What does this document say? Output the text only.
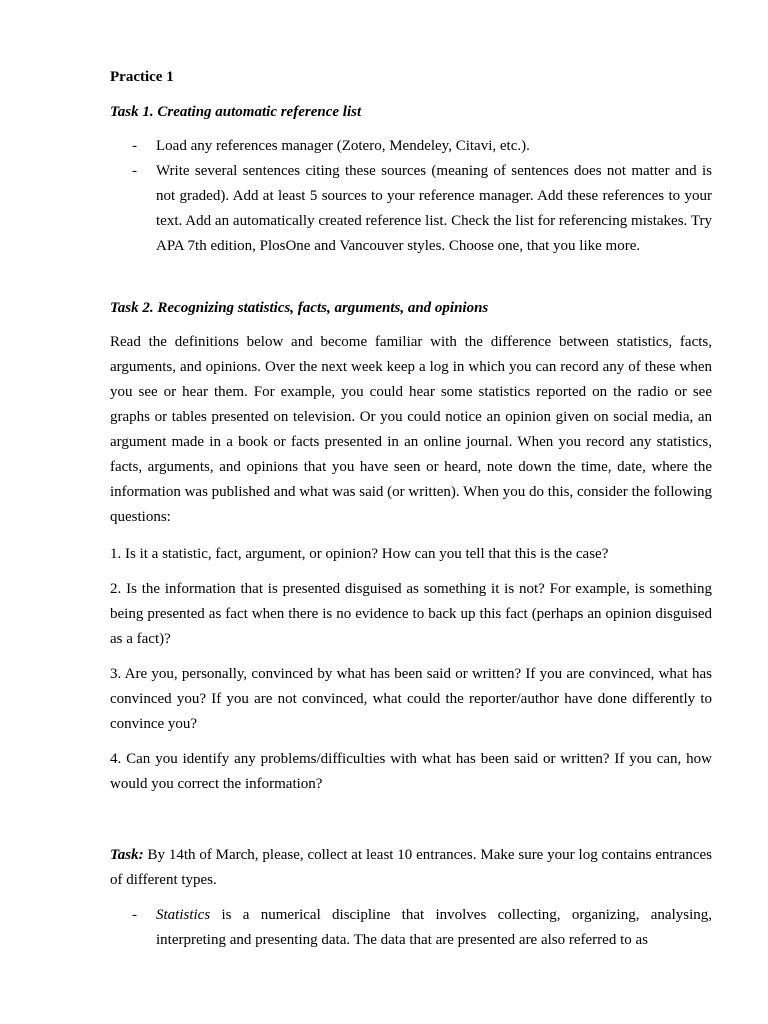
Practice 1
Task 1. Creating automatic reference list
- Load any references manager (Zotero, Mendeley, Citavi, etc.).
- Write several sentences citing these sources (meaning of sentences does not matter and is not graded). Add at least 5 sources to your reference manager. Add these references to your text. Add an automatically created reference list. Check the list for referencing mistakes. Try APA 7th edition, PlosOne and Vancouver styles. Choose one, that you like more.
Task 2. Recognizing statistics, facts, arguments, and opinions

Read the definitions below and become familiar with the difference between statistics, facts, arguments, and opinions. Over the next week keep a log in which you can record any of these when you see or hear them. For example, you could hear some statistics reported on the radio or see graphs or tables presented on television. Or you could notice an opinion given on social media, an argument made in a book or facts presented in an online journal. When you record any statistics, facts, arguments, and opinions that you have seen or heard, note down the time, date, where the information was published and what was said (or written). When you do this, consider the following questions:

1. Is it a statistic, fact, argument, or opinion? How can you tell that this is the case?

2. Is the information that is presented disguised as something it is not? For example, is something being presented as fact when there is no evidence to back up this fact (perhaps an opinion disguised as a fact)?

3. Are you, personally, convinced by what has been said or written? If you are convinced, what has convinced you? If you are not convinced, what could the reporter/author have done differently to convince you?

4. Can you identify any problems/difficulties with what has been said or written? If you can, how would you correct the information?

Task: By 14th of March, please, collect at least 10 entrances. Make sure your log contains entrances of different types.

- Statistics is a numerical discipline that involves collecting, organizing, analysing, interpreting and presenting data. The data that are presented are also referred to as
